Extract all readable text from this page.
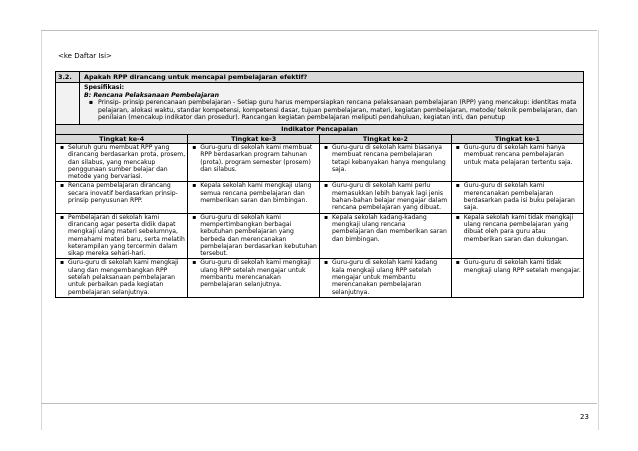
<ke Daftar Isi>
3.2.	Apakah RPP dirancang untuk mencapai pembelajaran efektif?
Spesifikasi:
B: Rencana Pelaksanaan Pembelajaran
▪ Prinsip- prinsip perencanaan pembelajaran - Setiap guru harus mempersiapkan rencana pelaksanaan pembelajaran (RPP) yang mencakup: identitas mata pelajaran, alokasi waktu, standar kompetensi, kompetensi dasar, tujuan pembelajaran, materi, kegiatan pembelajaran, metode/ teknik pembelajaran, dan penilaian (mencakup indikator dan prosedur). Rancangan kegiatan pembelajaran meliputi pendahuluan, kegiatan inti, dan penutup
Indikator Pencapaian
Tingkat ke-4	Tingkat ke-3	Tingkat ke-2	Tingkat ke-1

▪ Seluruh guru membuat RPP yang dirancang berdasarkan prota, prosem, dan silabus, yang mencakup penggunaan sumber belajar dan metode yang bervariasi.	▪ Guru-guru di sekolah kami membuat RPP berdasarkan program tahunan (prota), program semester (prosem) dan silabus.	▪ Guru-guru di sekolah kami biasanya membuat rencana pembelajaran tetapi kebanyakan hanya mengulang saja.	▪ Guru-guru di sekolah kami hanya membuat rencana pembelajaran untuk mata pelajaran tertentu saja.

▪ Rencana pembelajaran dirancang secara inovatif berdasarkan prinsip-prinsip penyusunan RPP.	▪ Kepala sekolah kami mengkaji ulang semua rencana pembelajaran dan memberikan saran dan bimbingan.	▪ Guru-guru di sekolah kami perlu memasukkan lebih banyak lagi jenis bahan-bahan belajar mengajar dalam rencana pembelajaran yang dibuat.	▪ Guru-guru di sekolah kami merencanakan pembelajaran berdasarkan pada isi buku pelajaran saja.

▪ Pembelajaran di sekolah kami dirancang agar peserta didik dapat mengkaji ulang materi sebelumnya, memahami materi baru, serta melatih keterampilan yang tercermin dalam sikap mereka sehari-hari.	▪ Guru-guru di sekolah kami mempertimbangkan berbagai kebutuhan pembelajaran yang berbeda dan merencanakan pembelajaran berdasarkan kebutuhan tersebut.	▪ Kepala sekolah kadang-kadang mengkaji ulang rencana pembelajaran dan memberikan saran dan bimbingan.	▪ Kepala sekolah kami tidak mengkaji ulang rencana pembelajaran yang dibuat oleh para guru atau memberikan saran dan dukungan.

▪ Guru-guru di sekolah kami mengkaji ulang dan mengembangkan RPP setelah pelaksanaan pembelajaran untuk perbaikan pada kegiatan pembelajaran selanjutnya.	▪ Guru-guru di sekolah kami mengkaji ulang RPP setelah mengajar untuk membantu merencanakan pembelajaran selanjutnya.	▪ Guru-guru di sekolah kami kadang kala mengkaji ulang RPP setelah mengajar untuk membantu merencanakan pembelajaran selanjutnya.	▪ Guru-guru di sekolah kami tidak mengkaji ulang RPP setelah mengajar.
23
